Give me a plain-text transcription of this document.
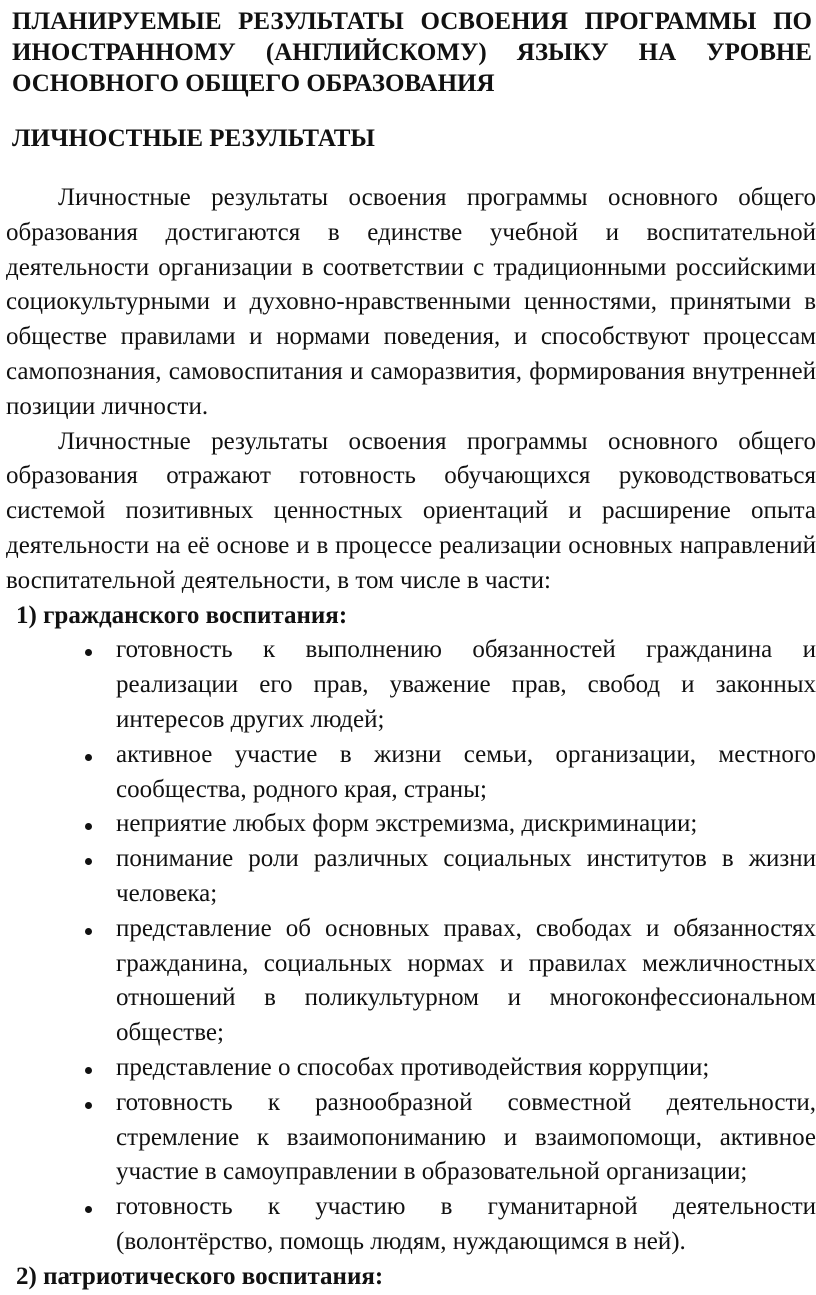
ПЛАНИРУЕМЫЕ РЕЗУЛЬТАТЫ ОСВОЕНИЯ ПРОГРАММЫ ПО ИНОСТРАННОМУ (АНГЛИЙСКОМУ) ЯЗЫКУ НА УРОВНЕ ОСНОВНОГО ОБЩЕГО ОБРАЗОВАНИЯ
ЛИЧНОСТНЫЕ РЕЗУЛЬТАТЫ

Личностные результаты освоения программы основного общего образования достигаются в единстве учебной и воспитательной деятельности организации в соответствии с традиционными российскими социокультурными и духовно-нравственными ценностями, принятыми в обществе правилами и нормами поведения, и способствуют процессам самопознания, самовоспитания и саморазвития, формирования внутренней позиции личности.

Личностные результаты освоения программы основного общего образования отражают готовность обучающихся руководствоваться системой позитивных ценностных ориентаций и расширение опыта деятельности на её основе и в процессе реализации основных направлений воспитательной деятельности, в том числе в части:

1) гражданского воспитания:

готовность к выполнению обязанностей гражданина и реализации его прав, уважение прав, свобод и законных интересов других людей;
активное участие в жизни семьи, организации, местного сообщества, родного края, страны;
неприятие любых форм экстремизма, дискриминации;
понимание роли различных социальных институтов в жизни человека;
представление об основных правах, свободах и обязанностях гражданина, социальных нормах и правилах межличностных отношений в поликультурном и многоконфессиональном обществе;
представление о способах противодействия коррупции;
готовность к разнообразной совместной деятельности, стремление к взаимопониманию и взаимопомощи, активное участие в самоуправлении в образовательной организации;
готовность к участию в гуманитарной деятельности (волонтёрство, помощь людям, нуждающимся в ней).

2) патриотического воспитания:
